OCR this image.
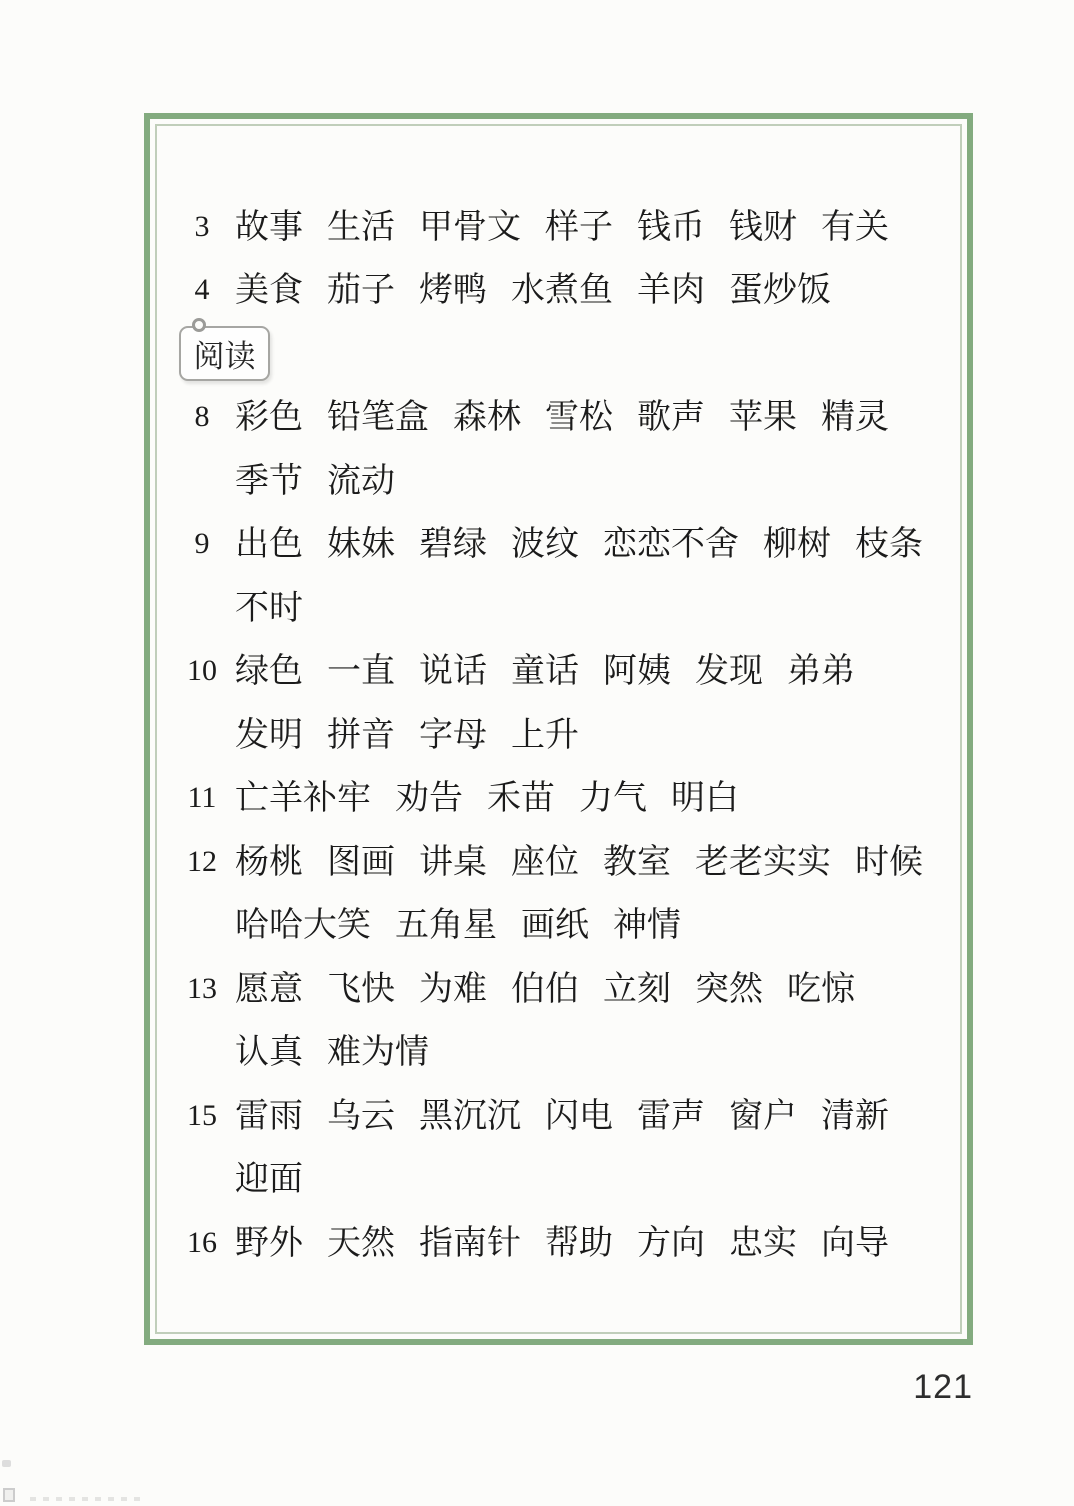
3 故事 生活 甲骨文 样子 钱币 钱财 有关
4 美食 茄子 烤鸭 水煮鱼 羊肉 蛋炒饭
阅读
8 彩色 铅笔盒 森林 雪松 歌声 苹果 精灵
季节 流动
9 出色 妹妹 碧绿 波纹 恋恋不舍 柳树 枝条
不时
10 绿色 一直 说话 童话 阿姨 发现 弟弟
发明 拼音 字母 上升
11 亡羊补牢 劝告 禾苗 力气 明白
12 杨桃 图画 讲桌 座位 教室 老老实实 时候
哈哈大笑 五角星 画纸 神情
13 愿意 飞快 为难 伯伯 立刻 突然 吃惊
认真 难为情
15 雷雨 乌云 黑沉沉 闪电 雷声 窗户 清新
迎面
16 野外 天然 指南针 帮助 方向 忠实 向导
121
